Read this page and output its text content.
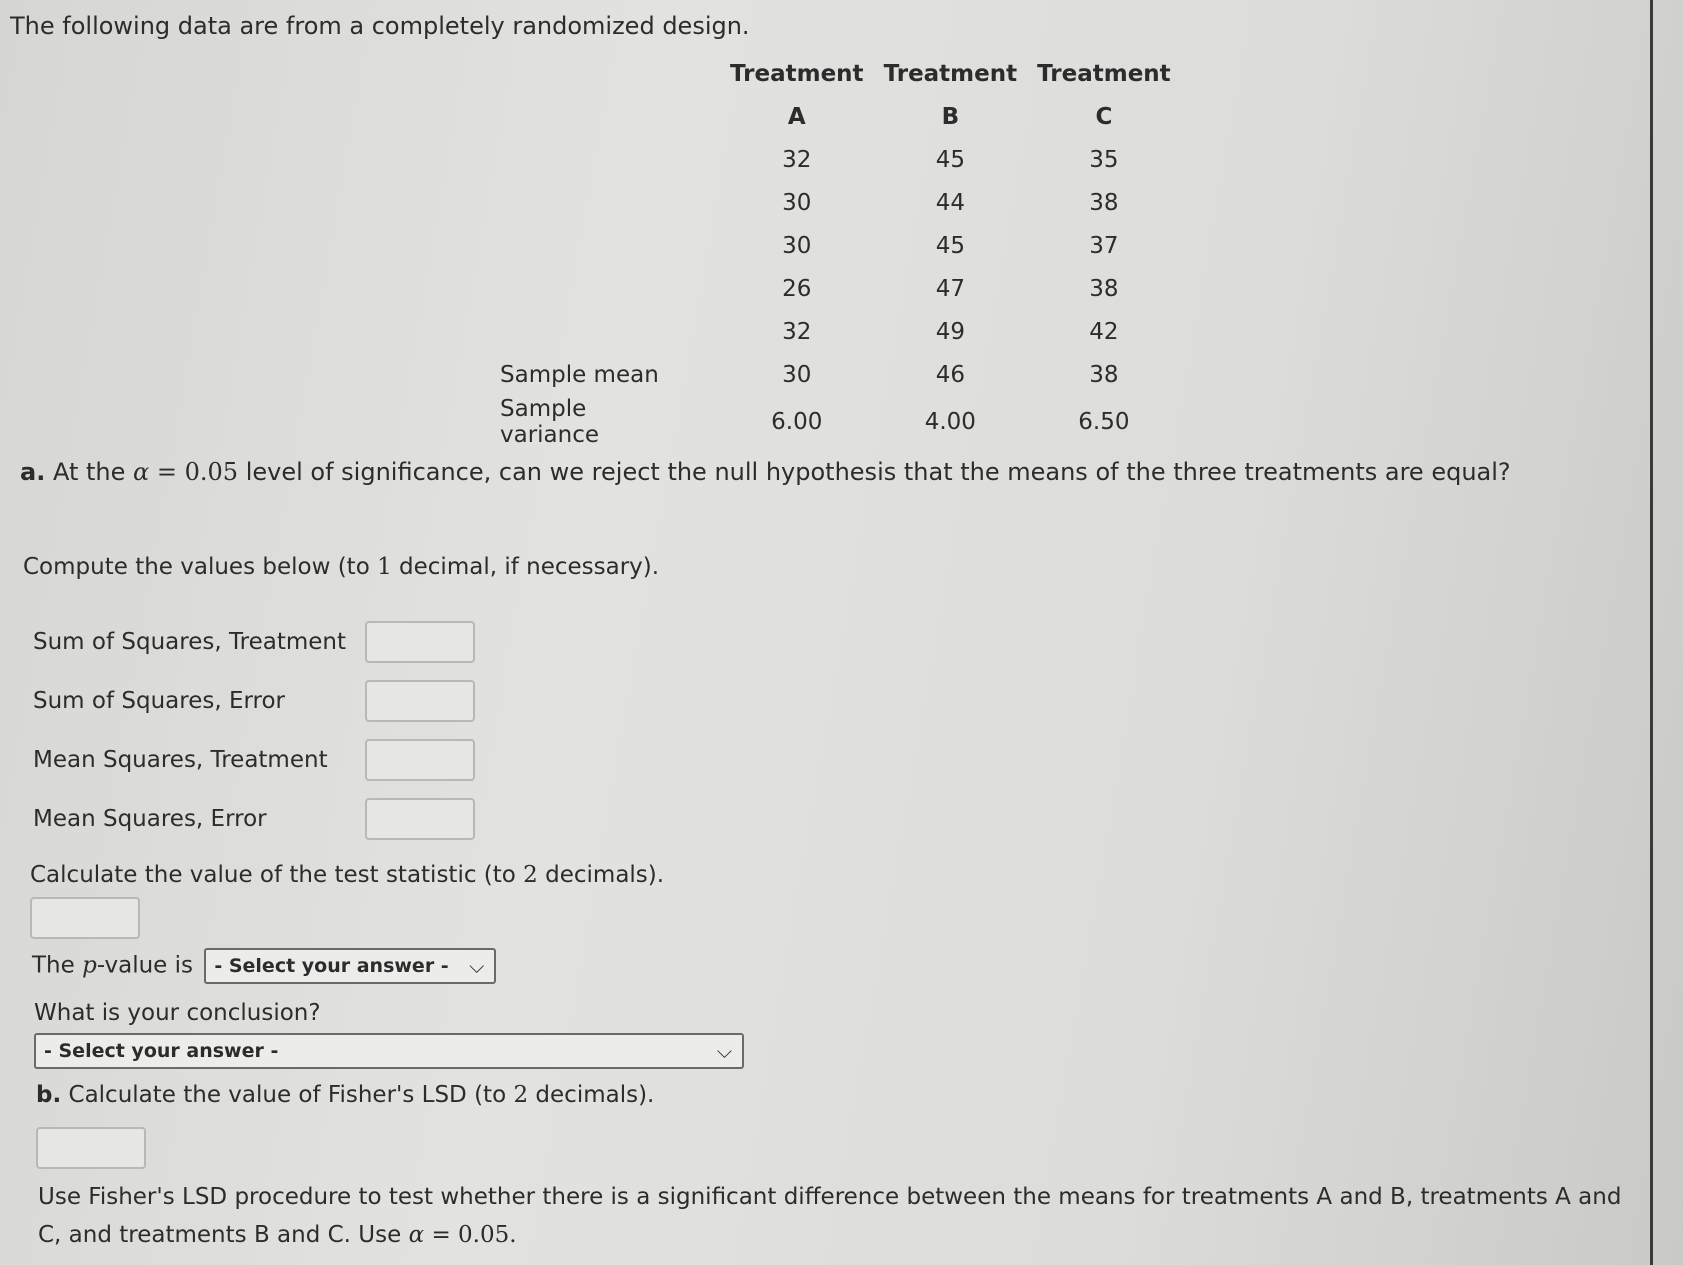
The following data are from a completely randomized design.
	Treatment	Treatment	Treatment
	A	B	C
	32	45	35
	30	44	38
	30	45	37
	26	47	38
	32	49	42
Sample mean	30	46	38
Sample variance	6.00	4.00	6.50
a. At the α = 0.05 level of significance, can we reject the null hypothesis that the means of the three treatments are equal?
Compute the values below (to 1 decimal, if necessary).
Sum of Squares, Treatment
Sum of Squares, Error
Mean Squares, Treatment
Mean Squares, Error
Calculate the value of the test statistic (to 2 decimals).
The p-value is - Select your answer - ⌵
What is your conclusion?
- Select your answer -	⌵
b. Calculate the value of Fisher's LSD (to 2 decimals).
Use Fisher's LSD procedure to test whether there is a significant difference between the means for treatments A and B, treatments A and C, and treatments B and C. Use α = 0.05.
